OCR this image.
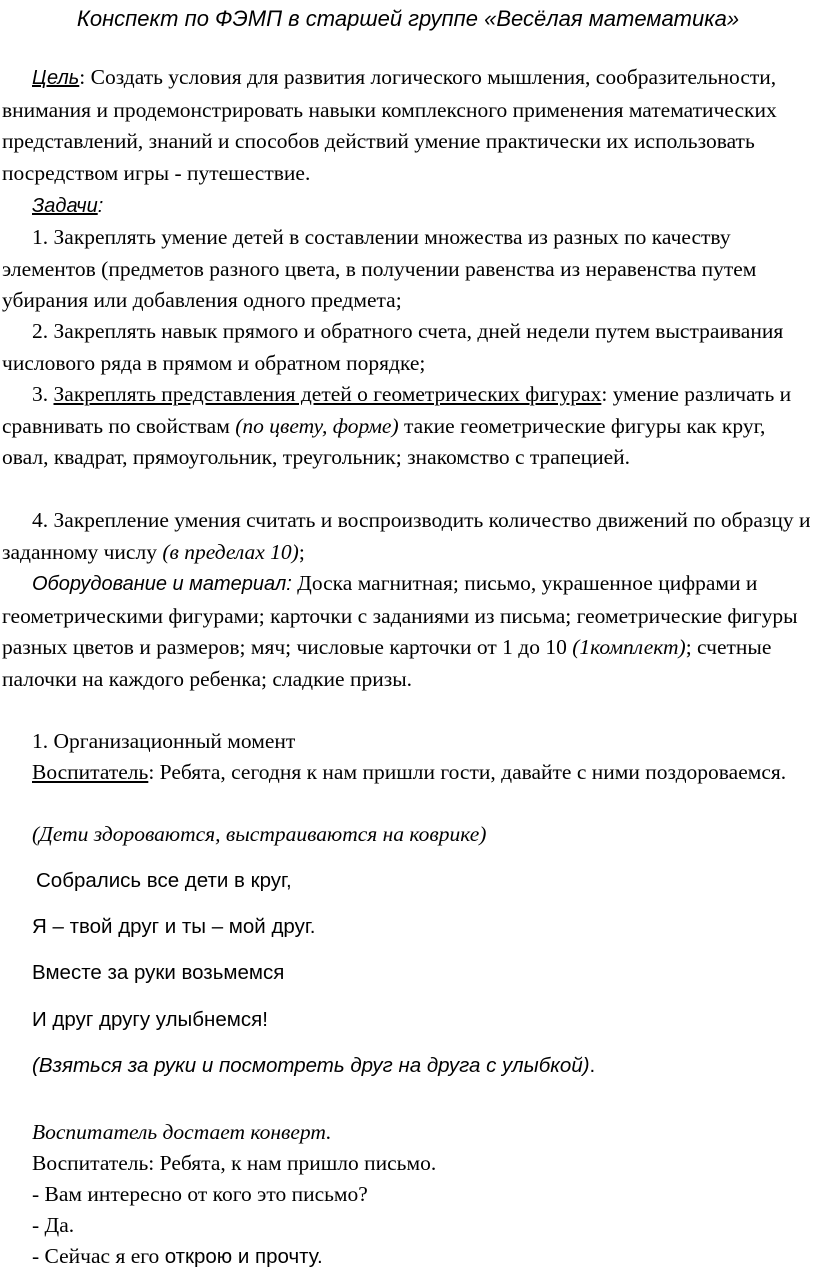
Конспект по ФЭМП в старшей группе «Весёлая математика»
Цель: Создать условия для развития логического мышления, сообразительности, внимания и продемонстрировать навыки комплексного применения математических представлений, знаний и способов действий умение практически их использовать посредством игры - путешествие.
Задачи:
1. Закреплять умение детей в составлении множества из разных по качеству элементов (предметов разного цвета, в получении равенства из неравенства путем убирания или добавления одного предмета;
2. Закреплять навык прямого и обратного счета, дней недели путем выстраивания числового ряда в прямом и обратном порядке;
3. Закреплять представления детей о геометрических фигурах: умение различать и сравнивать по свойствам (по цвету, форме) такие геометрические фигуры как круг, овал, квадрат, прямоугольник, треугольник; знакомство с трапецией.
4. Закрепление умения считать и воспроизводить количество движений по образцу и заданному числу (в пределах 10);
Оборудование и материал: Доска магнитная; письмо, украшенное цифрами и геометрическими фигурами; карточки с заданиями из письма; геометрические фигуры разных цветов и размеров; мяч; числовые карточки от 1 до 10 (1комплект); счетные палочки на каждого ребенка; сладкие призы.
1. Организационный момент
Воспитатель: Ребята, сегодня к нам пришли гости, давайте с ними поздороваемся.
(Дети здороваются, выстраиваются на коврике)
Собрались все дети в круг,
Я – твой друг и ты – мой друг.
Вместе за руки возьмемся
И друг другу улыбнемся!
(Взяться за руки и посмотреть друг на друга с улыбкой).
Воспитатель достает конверт.
Воспитатель: Ребята, к нам пришло письмо.
- Вам интересно от кого это письмо?
- Да.
- Сейчас я его открою и прочту.
